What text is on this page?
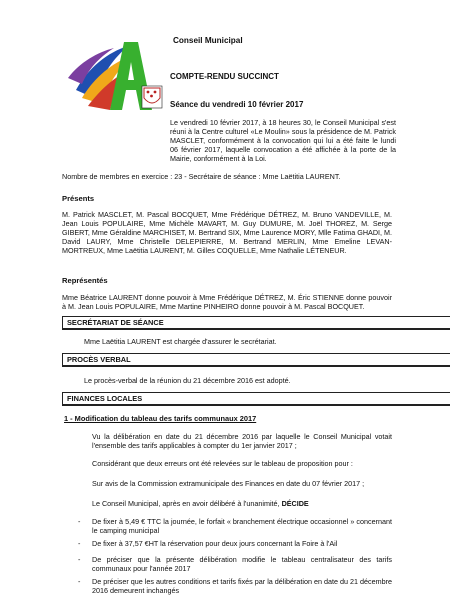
Conseil Municipal
COMPTE-RENDU SUCCINCT
Séance du vendredi 10 février 2017
Le vendredi 10 février 2017, à 18 heures 30, le Conseil Municipal s'est réuni à la Centre culturel «Le Moulin» sous la présidence de M. Patrick MASCLET, conformément à la convocation qui lui a été faite le lundi 06 février 2017, laquelle convocation a été affichée à la porte de la Mairie, conformément à la Loi.
Nombre de membres en exercice : 23 - Secrétaire de séance : Mme Laëtitia LAURENT.
Présents
M. Patrick MASCLET, M. Pascal BOCQUET, Mme Frédérique DÉTREZ, M. Bruno VANDEVILLE, M. Jean Louis POPULAIRE, Mme Michèle MAVART, M. Guy DUMURE, M. Joël THOREZ, M. Serge GIBERT, Mme Géraldine MARCHISET, M. Bertrand SIX, Mme Laurence MORY, Mlle Fatima GHADI, M. David LAURY, Mme Christelle DELEPIERRE, M. Bertrand MERLIN, Mme Emeline LEVAN-MORTREUX, Mme Laëtitia LAURENT, M. Gilles COQUELLE, Mme Nathalie LÉTENEUR.
Représentés
Mme Béatrice LAURENT donne pouvoir à Mme Frédérique DÉTREZ, M. Éric STIENNE donne pouvoir à M. Jean Louis POPULAIRE, Mme Martine PINHEIRO donne pouvoir à M. Pascal BOCQUET.
SECRÉTARIAT DE SÉANCE
Mme Laëtitia LAURENT est chargée d'assurer le secrétariat.
PROCÈS VERBAL
Le procès-verbal de la réunion du 21 décembre 2016 est adopté.
FINANCES LOCALES
1 - Modification du tableau des tarifs communaux 2017
Vu la délibération en date du 21 décembre 2016 par laquelle le Conseil Municipal votait l'ensemble des tarifs applicables à compter du 1er janvier 2017 ;
Considérant que deux erreurs ont été relevées sur le tableau de proposition pour :
Sur avis de la Commission extramunicipale des Finances en date du 07 février 2017 ;
Le Conseil Municipal, après en avoir délibéré à l'unanimité, DÉCIDE
- De fixer à 5,49 € TTC la journée, le forfait « branchement électrique occasionnel » concernant le camping municipal
- De fixer à 37,57 €HT la réservation pour deux jours concernant la Foire à l'Ail
- De préciser que la présente délibération modifie le tableau centralisateur des tarifs communaux pour l'année 2017
- De préciser que les autres conditions et tarifs fixés par la délibération en date du 21 décembre 2016 demeurent inchangés
